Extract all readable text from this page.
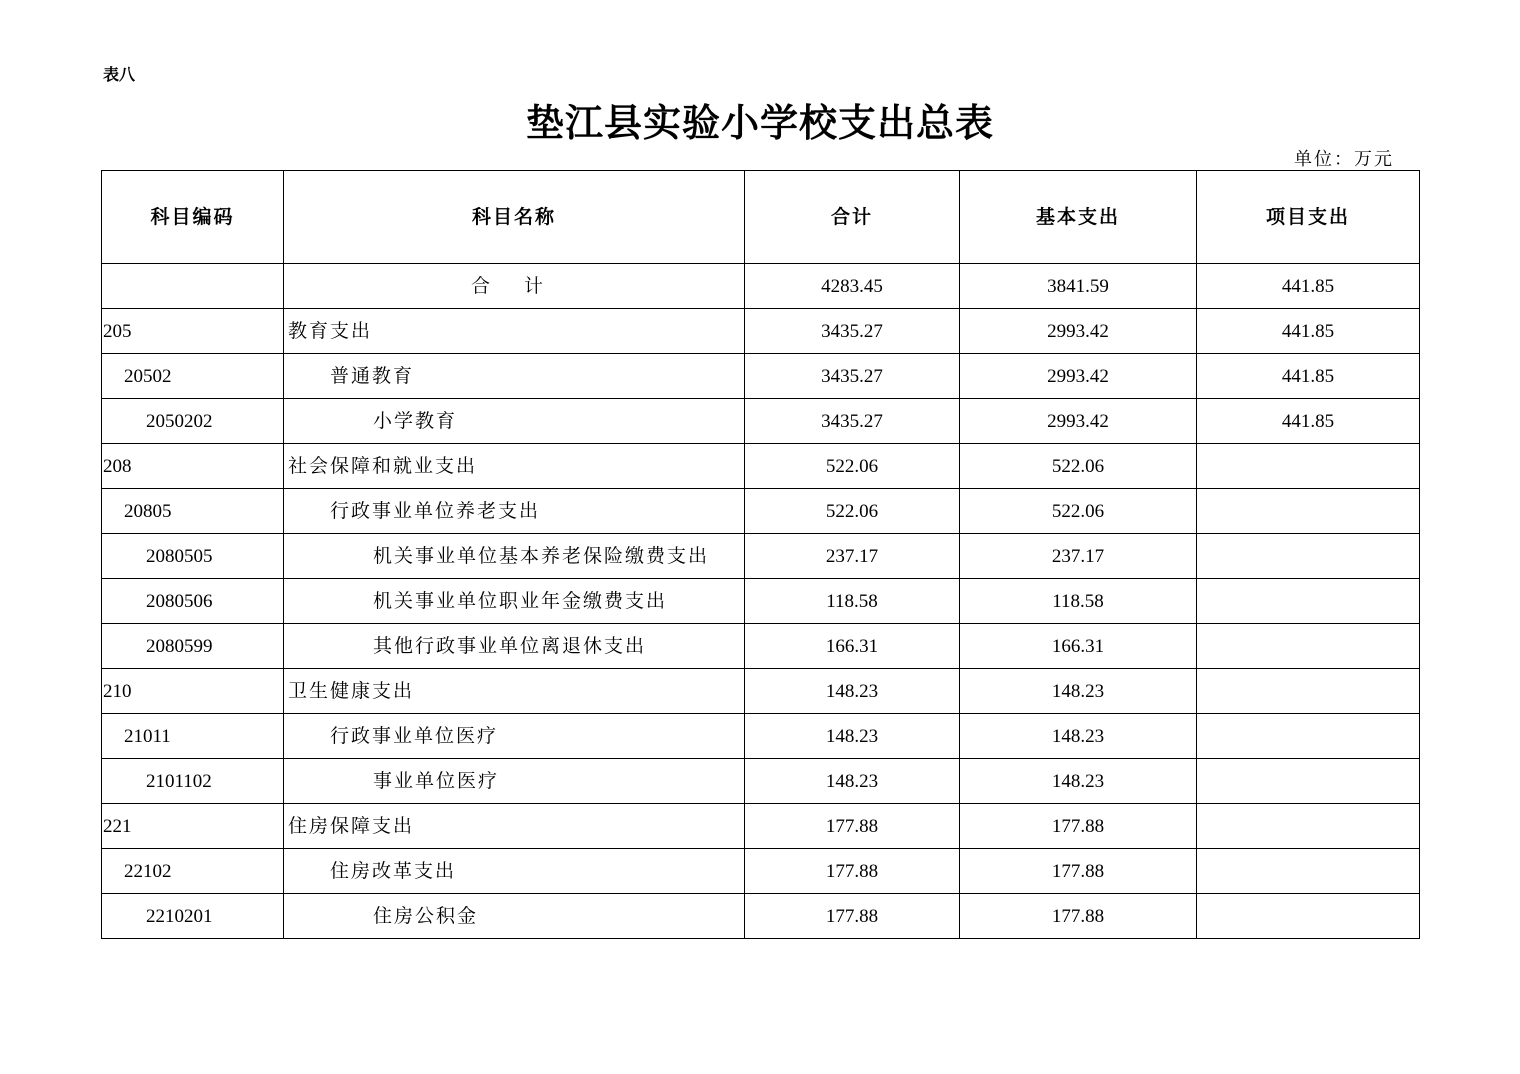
表八
垫江县实验小学校支出总表
单位：万元
科目编码	科目名称	合计	基本支出	项目支出
	合 计	4283.45	3841.59	441.85
205	教育支出	3435.27	2993.42	441.85
20502	普通教育	3435.27	2993.42	441.85
2050202	小学教育	3435.27	2993.42	441.85
208	社会保障和就业支出	522.06	522.06	
20805	行政事业单位养老支出	522.06	522.06	
2080505	机关事业单位基本养老保险缴费支出	237.17	237.17	
2080506	机关事业单位职业年金缴费支出	118.58	118.58	
2080599	其他行政事业单位离退休支出	166.31	166.31	
210	卫生健康支出	148.23	148.23	
21011	行政事业单位医疗	148.23	148.23	
2101102	事业单位医疗	148.23	148.23	
221	住房保障支出	177.88	177.88	
22102	住房改革支出	177.88	177.88	
2210201	住房公积金	177.88	177.88	
